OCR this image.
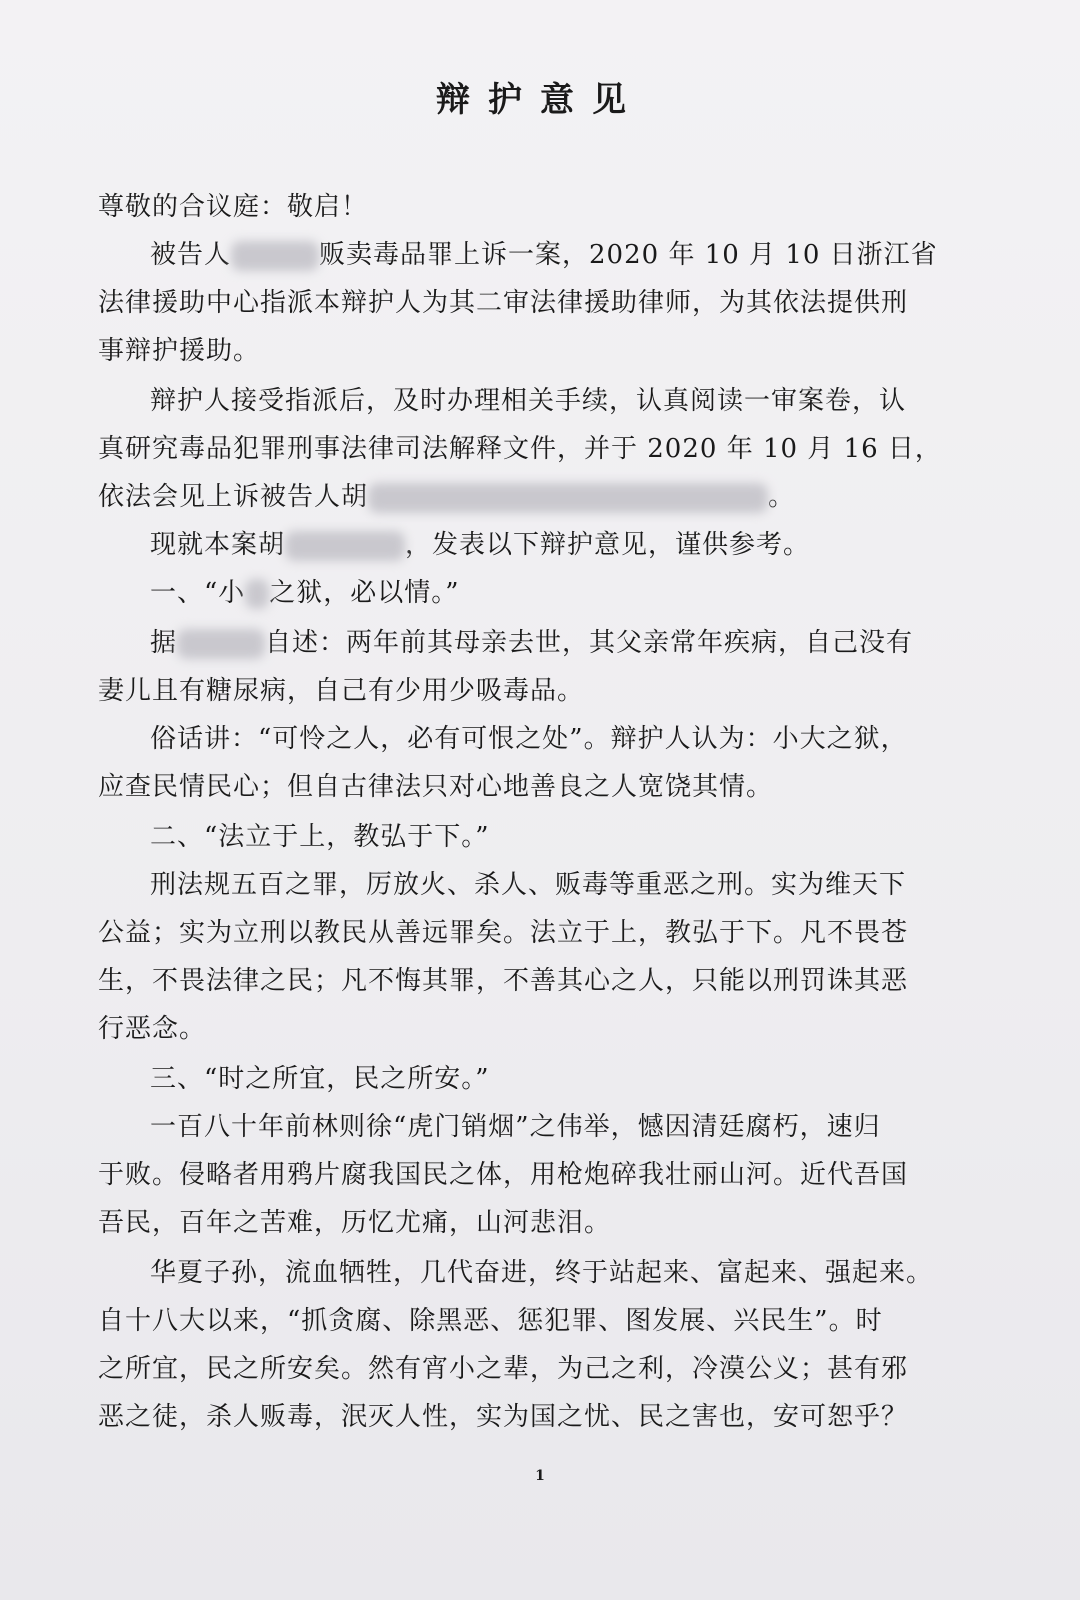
辩护意见
尊敬的合议庭：敬启！
被告人	贩卖毒品罪上诉一案，2020 年 10 月 10 日浙江省
法律援助中心指派本辩护人为其二审法律援助律师，为其依法提供刑
事辩护援助。
辩护人接受指派后，及时办理相关手续，认真阅读一审案卷，认
真研究毒品犯罪刑事法律司法解释文件，并于 2020 年 10 月 16 日，
依法会见上诉被告人胡	。
现就本案胡	，发表以下辩护意见，谨供参考。
一、“小 之狱，必以情。”
据	自述：两年前其母亲去世，其父亲常年疾病，自己没有
妻儿且有糖尿病，自己有少用少吸毒品。
俗话讲：“可怜之人，必有可恨之处”。辩护人认为：小大之狱，
应查民情民心；但自古律法只对心地善良之人宽饶其情。
二、“法立于上，教弘于下。”
刑法规五百之罪，厉放火、杀人、贩毒等重恶之刑。实为维天下
公益；实为立刑以教民从善远罪矣。法立于上，教弘于下。凡不畏苍
生，不畏法律之民；凡不悔其罪，不善其心之人，只能以刑罚诛其恶
行恶念。
三、“时之所宜，民之所安。”
一百八十年前林则徐“虎门销烟”之伟举，憾因清廷腐朽，速归
于败。侵略者用鸦片腐我国民之体，用枪炮碎我壮丽山河。近代吾国
吾民，百年之苦难，历忆尤痛，山河悲泪。
华夏子孙，流血牺牲，几代奋进，终于站起来、富起来、强起来。
自十八大以来，“抓贪腐、除黑恶、惩犯罪、图发展、兴民生”。时
之所宜，民之所安矣。然有宵小之辈，为己之利，冷漠公义；甚有邪
恶之徒，杀人贩毒，泯灭人性，实为国之忧、民之害也，安可恕乎？
1
